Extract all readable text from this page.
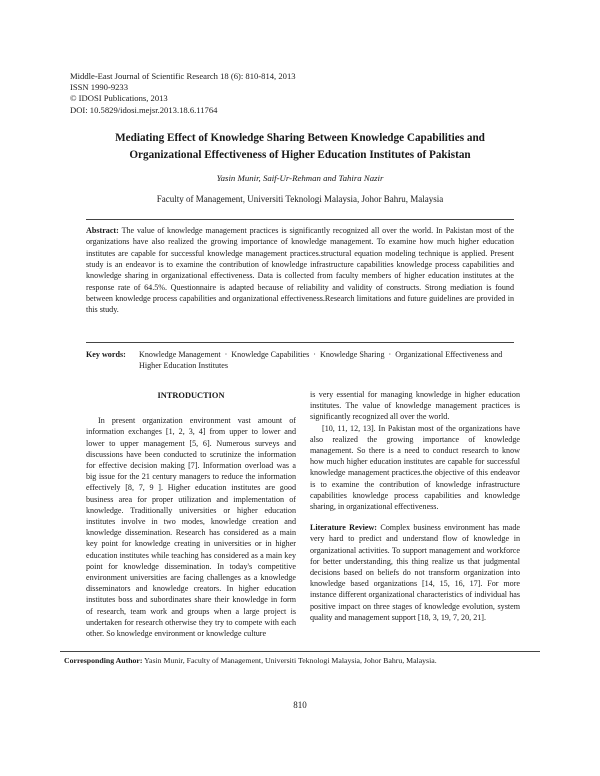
Middle-East Journal of Scientific Research 18 (6): 810-814, 2013
ISSN 1990-9233
© IDOSI Publications, 2013
DOI: 10.5829/idosi.mejsr.2013.18.6.11764
Mediating Effect of Knowledge Sharing Between Knowledge Capabilities and
Organizational Effectiveness of Higher Education Institutes of Pakistan
Yasin Munir, Saif-Ur-Rehman and Tahira Nazir
Faculty of Management, Universiti Teknologi Malaysia, Johor Bahru, Malaysia
Abstract: The value of knowledge management practices is significantly recognized all over the world. In Pakistan most of the organizations have also realized the growing importance of knowledge management. To examine how much higher education institutes are capable for successful knowledge management practices.structural equation modeling technique is applied. Present study is an endeavor is to examine the contribution of knowledge infrastructure capabilities knowledge process capabilities and knowledge sharing in organizational effectiveness. Data is collected from faculty members of higher education institutes at the response rate of 64.5%. Questionnaire is adapted because of reliability and validity of constructs. Strong mediation is found between knowledge process capabilities and organizational effectiveness.Research limitations and future guidelines are provided in this study.
Key words: Knowledge Management · Knowledge Capabilities · Knowledge Sharing · Organizational Effectiveness and Higher Education Institutes
INTRODUCTION

In present organization environment vast amount of information exchanges [1, 2, 3, 4] from upper to lower and lower to upper management [5, 6]. Numerous surveys and discussions have been conducted to scrutinize the information for effective decision making [7]. Information overload was a big issue for the 21 century managers to reduce the information effectively [8, 7, 9 ]. Higher education institutes are good business area for proper utilization and implementation of knowledge. Traditionally universities or higher education institutes involve in two modes, knowledge creation and knowledge dissemination. Research has considered as a main key point for knowledge creating in universities or in higher education institutes while teaching has considered as a main key point for knowledge dissemination. In today's competitive environment universities are facing challenges as a knowledge disseminators and knowledge creators. In higher education institutes boss and subordinates share their knowledge in form of research, team work and groups when a large project is undertaken for research otherwise they try to compete with each other. So knowledge environment or knowledge culture

is very essential for managing knowledge in higher education institutes. The value of knowledge management practices is significantly recognized all over the world.

[10, 11, 12, 13]. In Pakistan most of the organizations have also realized the growing importance of knowledge management. So there is a need to conduct research to know how much higher education institutes are capable for successful knowledge management practices.the objective of this endeavor is to examine the contribution of knowledge infrastructure capabilities knowledge process capabilities and knowledge sharing, in organizational effectiveness.

Literature Review: Complex business environment has made very hard to predict and understand flow of knowledge in organizational activities. To support management and workforce for better understanding, this thing realize us that judgmental decisions based on beliefs do not transform organization into knowledge based organizations [14, 15, 16, 17]. For more instance different organizational characteristics of individual has positive impact on three stages of knowledge evolution, system quality and management support [18, 3, 19, 7, 20, 21].

Corresponding Author: Yasin Munir, Faculty of Management, Universiti Teknologi Malaysia, Johor Bahru, Malaysia.
810
